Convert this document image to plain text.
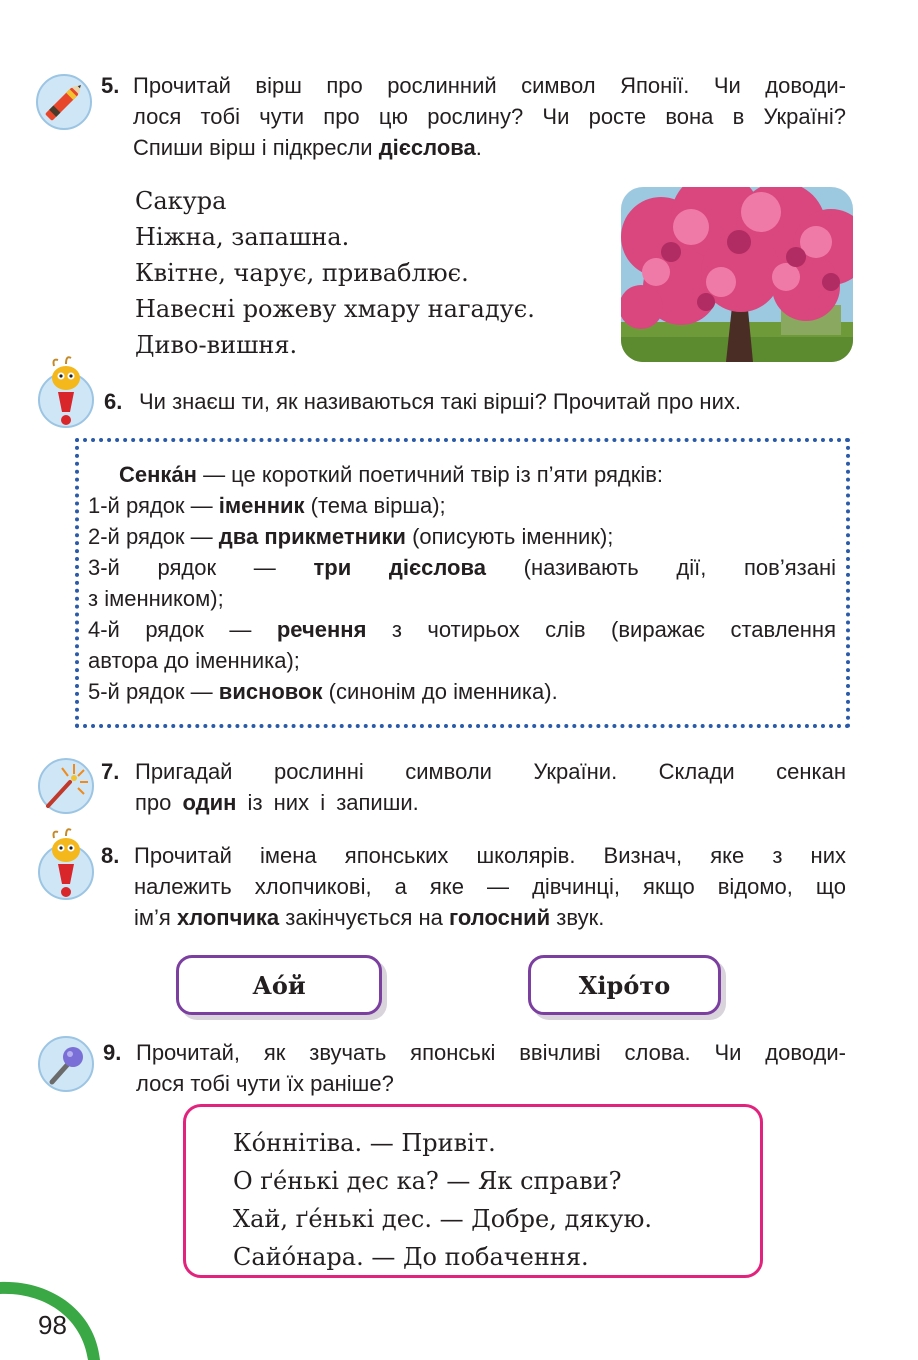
98
5. Прочитай вірш про рослинний символ Японії. Чи доводи-
лося тобі чути про цю рослину? Чи росте вона в Україні?
Спиши вірш і підкресли дієслова.
Сакура
Ніжна, запашна.
Квітне, чарує, приваблює.
Навесні рожеву хмару нагадує.
Диво-вишня.
6. Чи знаєш ти, як називаються такі вірші? Прочитай про них.
Сенка́н — це короткий поетичний твір із п’яти рядків:
1-й рядок — іменник (тема вірша);
2-й рядок — два прикметники (описують іменник);
3-й рядок — три дієслова (називають дії, пов’язані
з іменником);
4-й рядок — речення з чотирьох слів (виражає ставлення
автора до іменника);
5-й рядок — висновок (синонім до іменника).
7. Пригадай рослинні символи України. Склади сенкан
про один із них і запиши.
8. Прочитай імена японських школярів. Визнач, яке з них
належить хлопчикові, а яке — дівчинці, якщо відомо, що
ім’я хлопчика закінчується на голосний звук.
Ао́й	Хіро́то
9. Прочитай, як звучать японські ввічливі слова. Чи доводи-
лося тобі чути їх раніше?
Ко́ннітіва. — Привіт.
О ґе́нькі дес ка? — Як справи?
Хай, ґе́нькі дес. — Добре, дякую.
Сайо́нара. — До побачення.
